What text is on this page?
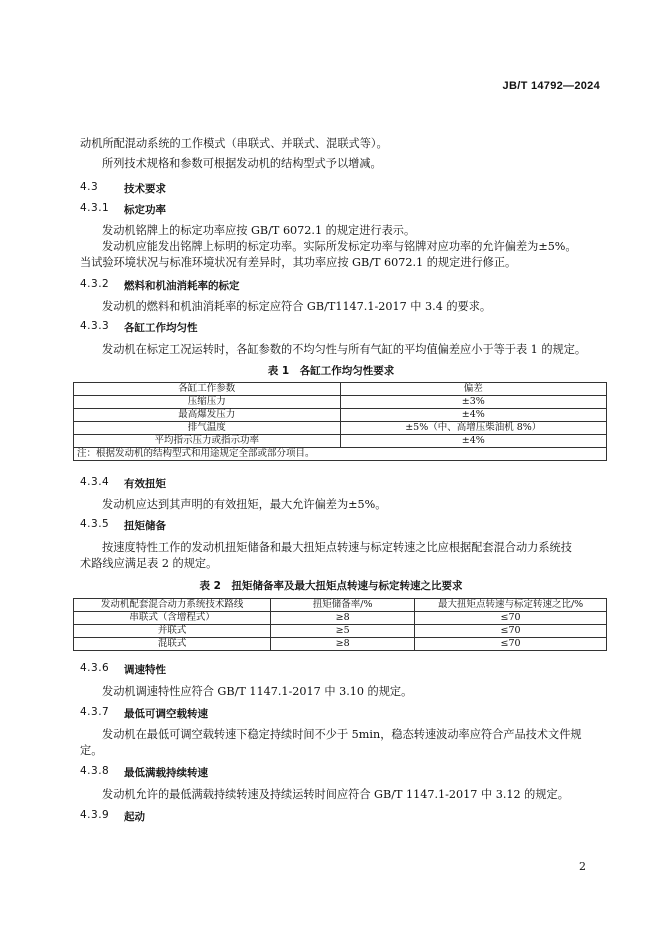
JB/T 14792—2024

动机所配混动系统的工作模式（串联式、并联式、混联式等）。

所列技术规格和参数可根据发动机的结构型式予以增减。

4.3	技术要求
4.3.1	标定功率

发动机铭牌上的标定功率应按 GB/T 6072.1 的规定进行表示。

发动机应能发出铭牌上标明的标定功率。实际所发标定功率与铭牌对应功率的允许偏差为±5%。

当试验环境状况与标准环境状况有差异时，其功率应按 GB/T 6072.1 的规定进行修正。

4.3.2	燃料和机油消耗率的标定

发动机的燃料和机油消耗率的标定应符合 GB/T1147.1-2017 中 3.4 的要求。

4.3.3	各缸工作均匀性

发动机在标定工况运转时，各缸参数的不均匀性与所有气缸的平均值偏差应小于等于表 1 的规定。

表 1　各缸工作均匀性要求
各缸工作参数	偏差
压缩压力	±3%
最高爆发压力	±4%
排气温度	±5%（中、高增压柴油机 8%）
平均指示压力或指示功率	±4%
注：根据发动机的结构型式和用途规定全部或部分项目。	
4.3.4	有效扭矩

发动机应达到其声明的有效扭矩，最大允许偏差为±5%。

4.3.5	扭矩储备

按速度特性工作的发动机扭矩储备和最大扭矩点转速与标定转速之比应根据配套混合动力系统技

术路线应满足表 2 的规定。

表 2　扭矩储备率及最大扭矩点转速与标定转速之比要求
发动机配套混合动力系统技术路线	扭矩储备率/%	最大扭矩点转速与标定转速之比/%
串联式（含增程式）	≥8	≤70
并联式	≥5	≤70
混联式	≥8	≤70
4.3.6	调速特性

发动机调速特性应符合 GB/T 1147.1-2017 中 3.10 的规定。

4.3.7	最低可调空载转速

发动机在最低可调空载转速下稳定持续时间不少于 5min，稳态转速波动率应符合产品技术文件规

定。

4.3.8	最低满载持续转速

发动机允许的最低满载持续转速及持续运转时间应符合 GB/T 1147.1-2017 中 3.12 的规定。

4.3.9	起动
2
